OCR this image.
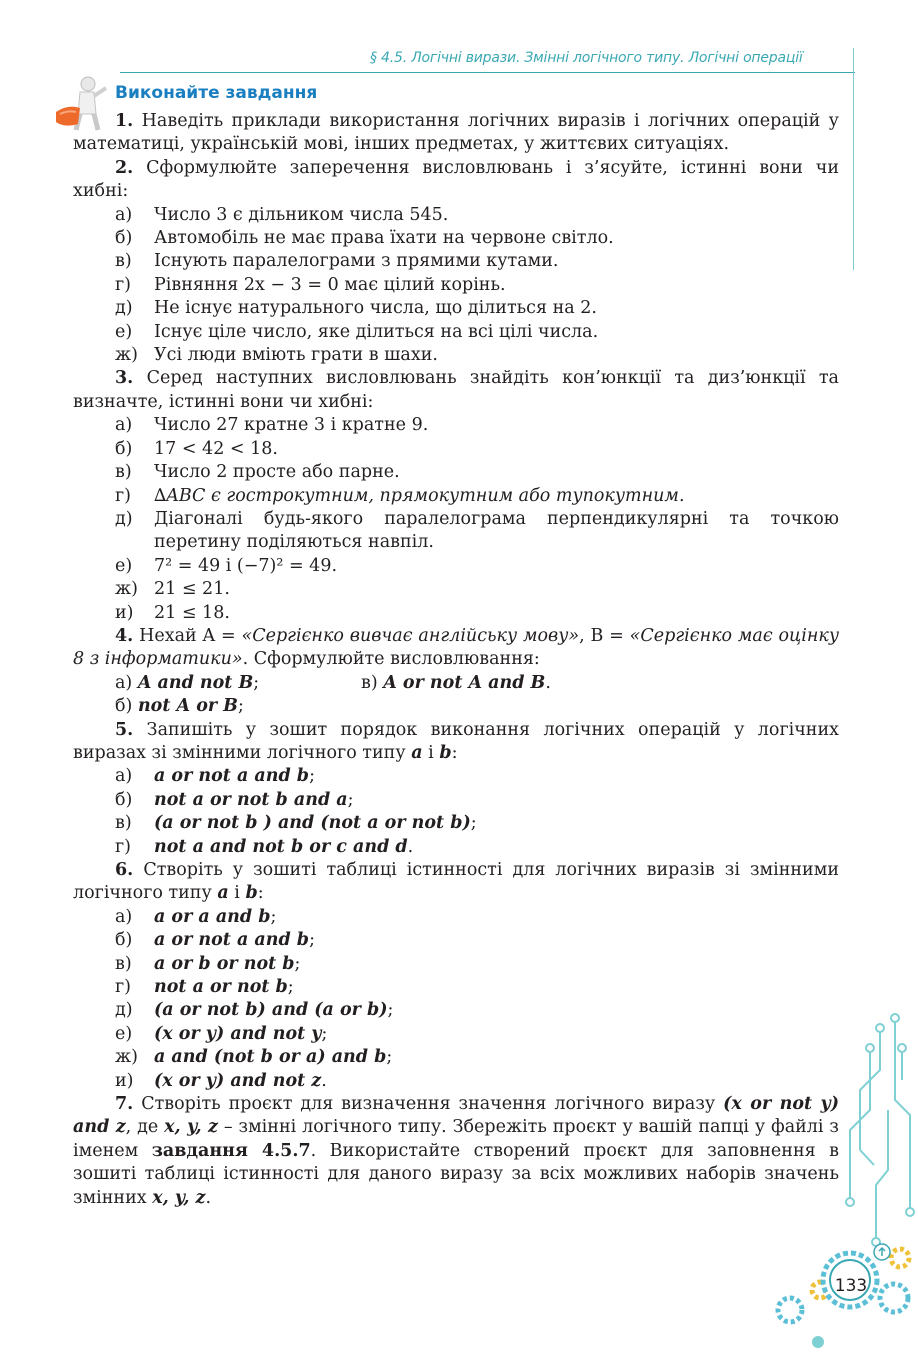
§ 4.5. Логічні вирази. Змінні логічного типу. Логічні операції
Виконайте завдання

1. Наведіть приклади використання логічних виразів і логічних операцій у математиці, українській мові, інших предметах, у життєвих ситуаціях.

2. Сформулюйте заперечення висловлювань і з’ясуйте, істинні вони чи хибні:

а)	Число 3 є дільником числа 545.
б)	Автомобіль не має права їхати на червоне світло.
в)	Існують паралелограми з прямими кутами.
г)	Рівняння 2x − 3 = 0 має цілий корінь.
д)	Не існує натурального числа, що ділиться на 2.
е)	Існує ціле число, яке ділиться на всі цілі числа.
ж) Усі люди вміють грати в шахи.

3. Серед наступних висловлювань знайдіть кон’юнкції та диз’юнкції та визначте, істинні вони чи хибні:

а)	Число 27 кратне 3 і кратне 9.
б)	17 < 42 < 18.
в)	Число 2 просте або парне.
г)	∆ABC є гострокутним, прямокутним або тупокутним.
д)	Діагоналі будь-якого паралелограма перпендикулярні та точкою перетину поділяються навпіл.
е)	7² = 49 і (−7)² = 49.
ж) 21 ≤ 21.
и)	21 ≤ 18.

4. Нехай A = «Сергієнко вивчає англійську мову», B = «Сергієнко має оцінку 8 з інформатики». Сформулюйте висловлювання:

а) A and not B;	в) A or not A and B.
б) not A or B;

5. Запишіть у зошит порядок виконання логічних операцій у логічних виразах зі змінними логічного типу a і b:

а)	a or not a and b;
б)	not a or not b and a;
в)	(a or not b ) and (not a or not b);
г)	not a and not b or c and d.

6. Створіть у зошиті таблиці істинності для логічних виразів зі змінними логічного типу a і b:

а)	a or a and b;
б)	a or not a and b;
в)	a or b or not b;
г)	not a or not b;
д)	(a or not b) and (a or b);
е)	(x or y) and not y;
ж) a and (not b or a) and b;
и)	(x or y) and not z.

7. Створіть проєкт для визначення значення логічного виразу (x or not y) and z, де x, y, z – змінні логічного типу. Збережіть проєкт у вашій папці у файлі з іменем завдання 4.5.7. Використайте створений проєкт для заповнення в зошиті таблиці істинності для даного виразу за всіх можливих наборів значень змінних x, y, z.

133
